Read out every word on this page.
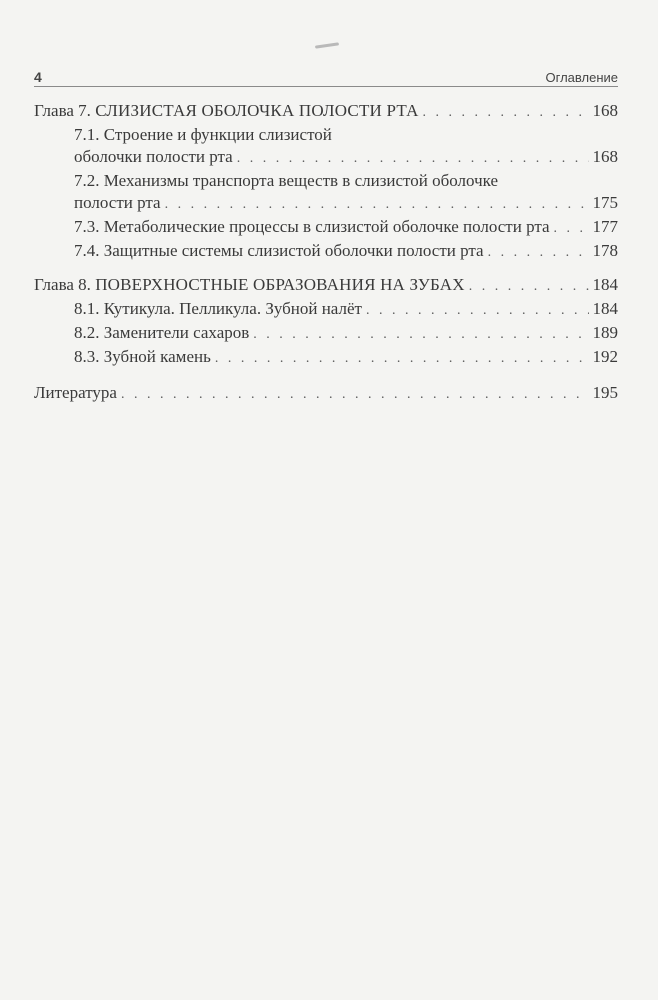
4	Оглавление
Глава 7. СЛИЗИСТАЯ ОБОЛОЧКА ПОЛОСТИ РТА . . .	168
7.1. Строение и функции слизистой
оболочки полости рта . . .	168
7.2. Механизмы транспорта веществ в слизистой оболочке
полости рта . . .	175
7.3. Метаболические процессы в слизистой оболочке полости рта . . .	177
7.4. Защитные системы слизистой оболочки полости рта . . .	178
Глава 8. ПОВЕРХНОСТНЫЕ ОБРАЗОВАНИЯ НА ЗУБАХ . . .	184
8.1. Кутикула. Пелликула. Зубной налёт . . .	184
8.2. Заменители сахаров . . .	189
8.3. Зубной камень . . .	192
Литература . . .	195
